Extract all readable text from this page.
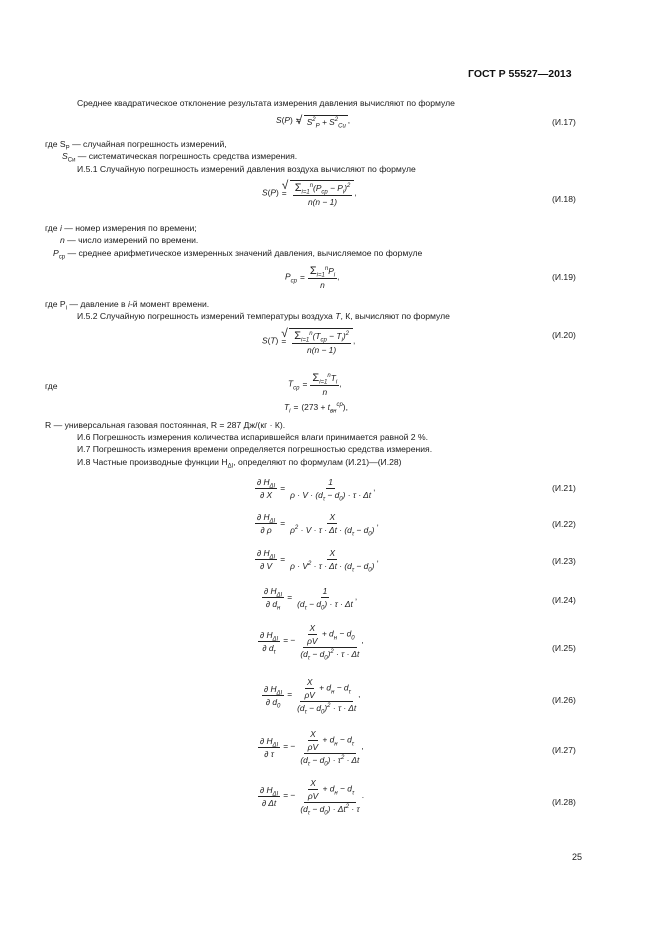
ГОСТ Р 55527—2013
Среднее квадратическое отклонение результата измерения давления вычисляют по формуле
S(P) = √ $S^2_P + S^2_{Cи}$,	(И.17)
где $S_P$ — случайная погрешность измерений,
$S_{Cи}$ — систематическая погрешность средства измерения.
И.5.1 Случайную погрешность измерений давления воздуха вычисляют по формуле
S(P) = √ $\frac{\Sigma_{i=1}^n(P_{ср} - P_i)^2}{n(n - 1)}$ ,
(И.18)
где i — номер измерения по времени;
n — число измерений по времени.
$P_{ср}$ — среднее арифметическое измеренных значений давления, вычисляемое по формуле
$P_{ср} = \frac{\Sigma_{i=1}^nP_i}{n}$ ,	(И.19)
где $P_i$ — давление в i-й момент времени.
И.5.2 Случайную погрешность измерений температуры воздуха T, К, вычисляют по формуле
S(T) = √ $\frac{\Sigma_{i=1}^n(T_{ср} - T_i)^2}{n(n - 1)}$ ,
(И.20)
где	$T_{ср} = \frac{\Sigma_{i=1}^nT_i}{n}$ ,
$T_i = (273 + t_{вн}^{ср})$,
R — универсальная газовая постоянная, R = 287 Дж/(кг · К).
И.6 Погрешность измерения количества испарившейся влаги принимается равной 2 %.
И.7 Погрешность измерения времени определяется погрешностью средства измерения.
И.8 Частные производные функции $H_{\Delta I}$, определяют по формулам (И.21)—(И.28)
$\frac{\partial H_{\Delta I}}{\partial X} = \frac{1}{\rho \cdot V \cdot (d_\tau - d_0) \cdot \tau \cdot \Delta t}$ ,	(И.21)
$\frac{\partial H_{\Delta I}}{\partial \rho} = \frac{X}{\rho^2 \cdot V \cdot \tau \cdot \Delta t \cdot (d_\tau - d_0)}$ ,	(И.22)
$\frac{\partial H_{\Delta I}}{\partial V} = \frac{X}{\rho \cdot V^2 \cdot \tau \cdot \Delta t \cdot (d_\tau - d_0)}$ ,	(И.23)
$\frac{\partial H_{\Delta I}}{\partial d_н} = \frac{1}{(d_\tau - d_0) \cdot \tau \cdot \Delta t}$ ,	(И.24)
$\frac{\partial H_{\Delta I}}{\partial d_\tau}$ = − $\frac{\frac{X}{\rho V} + d_н - d_0}{(d_\tau - d_0)^2 \cdot \tau \cdot \Delta t}$ ,
(И.25)
$\frac{\partial H_{\Delta I}}{\partial d_0} = \frac{\frac{X}{\rho V} + d_н - d_\tau}{(d_\tau - d_0)^2 \cdot \tau \cdot \Delta t}$ ,
(И.26)
$\frac{\partial H_{\Delta I}}{\partial \tau}$ = − $\frac{\frac{X}{\rho V} + d_н - d_\tau}{(d_\tau - d_0) \cdot \tau^2 \cdot \Delta t}$ ,	(И.27)
$\frac{\partial H_{\Delta I}}{\partial \Delta t}$ = − $\frac{\frac{X}{\rho V} + d_н - d_\tau}{(d_\tau - d_0) \cdot \Delta t^2 \cdot \tau}$ .
(И.28)
25
